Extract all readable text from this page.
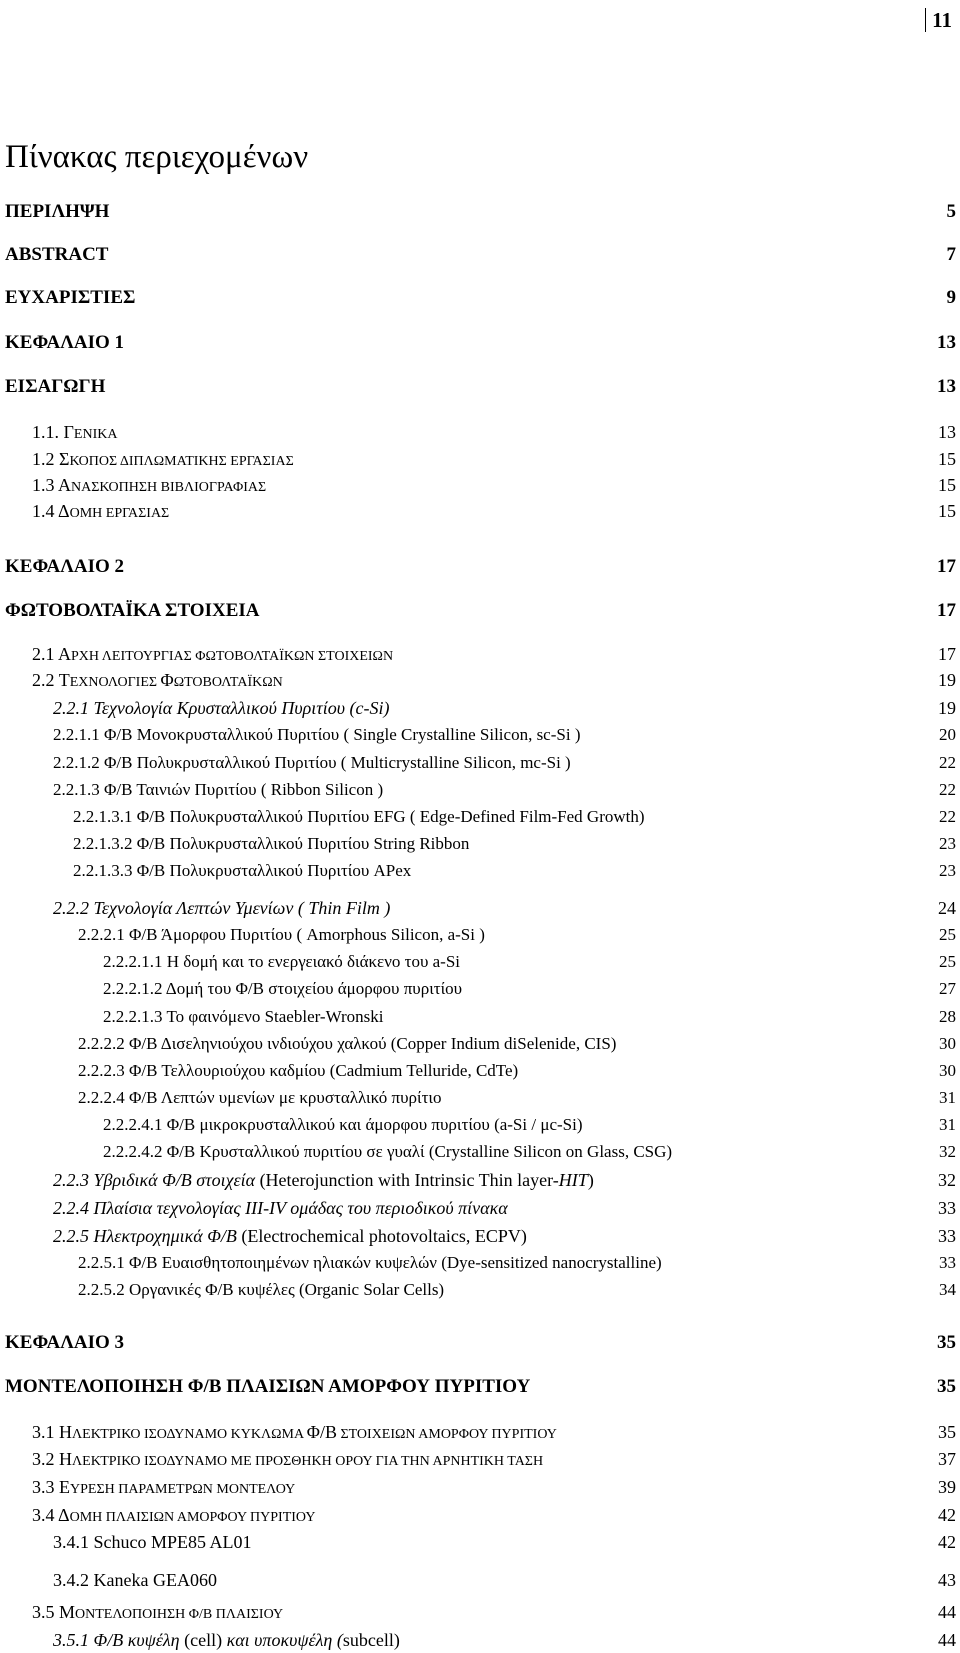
11
Πίνακας περιεχομένων
ΠΕΡΙΛΗΨΗ	5
ABSTRACT	7
ΕΥΧΑΡΙΣΤΙΕΣ	9
ΚΕΦΑΛΑΙΟ 1	13
ΕΙΣΑΓΩΓΗ	13
1.1. ΓΕΝΙΚΑ	13
1.2 ΣΚΟΠΟΣ ΔΙΠΛΩΜΑΤΙΚΗΣ ΕΡΓΑΣΙΑΣ	15
1.3 ΑΝΑΣΚΟΠΗΣΗ ΒΙΒΛΙΟΓΡΑΦΙΑΣ	15
1.4 ΔΟΜΗ ΕΡΓΑΣΙΑΣ	15
ΚΕΦΑΛΑΙΟ 2	17
ΦΩΤΟΒΟΛΤΑΪΚΑ ΣΤΟΙΧΕΙΑ	17
2.1 ΑΡΧΗ ΛΕΙΤΟΥΡΓΙΑΣ ΦΩΤΟΒΟΛΤΑΪΚΩΝ ΣΤΟΙΧΕΙΩΝ	17
2.2 ΤΕΧΝΟΛΟΓΙΕΣ ΦΩΤΟΒΟΛΤΑΪΚΩΝ	19
2.2.1 Τεχνολογία Κρυσταλλικού Πυριτίου (c-Si)	19
2.2.1.1 Φ/Β Μονοκρυσταλλικού Πυριτίου ( Single Crystalline Silicon, sc-Si )	20
2.2.1.2 Φ/Β Πολυκρυσταλλικού Πυριτίου ( Multicrystalline Silicon, mc-Si )	22
2.2.1.3 Φ/Β Ταινιών Πυριτίου ( Ribbon Silicon )	22
2.2.1.3.1 Φ/Β Πολυκρυσταλλικού Πυριτίου EFG ( Edge-Defined Film-Fed Growth)	22
2.2.1.3.2 Φ/Β Πολυκρυσταλλικού Πυριτίου String Ribbon	23
2.2.1.3.3 Φ/Β Πολυκρυσταλλικού Πυριτίου APex	23
2.2.2 Τεχνολογία Λεπτών Υμενίων ( Thin Film )	24
2.2.2.1 Φ/Β Άμορφου Πυριτίου ( Amorphous Silicon, a-Si )	25
2.2.2.1.1 Η δομή και το ενεργειακό διάκενο του a-Si	25
2.2.2.1.2 Δομή του Φ/Β στοιχείου άμορφου πυριτίου	27
2.2.2.1.3 Το φαινόμενο Staebler-Wronski	28
2.2.2.2 Φ/Β Δισεληνιούχου ινδιούχου χαλκού (Copper Indium diSelenide, CIS)	30
2.2.2.3 Φ/Β Τελλουριούχου καδμίου (Cadmium Telluride, CdTe)	30
2.2.2.4 Φ/Β Λεπτών υμενίων με κρυσταλλικό πυρίτιο	31
2.2.2.4.1 Φ/Β μικροκρυσταλλικού και άμορφου πυριτίου (a-Si / μc-Si)	31
2.2.2.4.2 Φ/Β Κρυσταλλικού πυριτίου σε γυαλί (Crystalline Silicon on Glass, CSG)	32
2.2.3 Υβριδικά Φ/Β στοιχεία (Heterojunction with Intrinsic Thin layer-HIT)	32
2.2.4 Πλαίσια τεχνολογίας III-IV ομάδας του περιοδικού πίνακα	33
2.2.5 Ηλεκτροχημικά Φ/Β (Electrochemical photovoltaics, ECPV)	33
2.2.5.1 Φ/Β Ευαισθητοποιημένων ηλιακών κυψελών (Dye-sensitized nanocrystalline)	33
2.2.5.2 Οργανικές Φ/Β κυψέλες (Organic Solar Cells)	34
ΚΕΦΑΛΑΙΟ 3	35
ΜΟΝΤΕΛΟΠΟΙΗΣΗ Φ/Β ΠΛΑΙΣΙΩΝ ΑΜΟΡΦΟΥ ΠΥΡΙΤΙΟΥ	35
3.1 ΗΛΕΚΤΡΙΚΟ ΙΣΟΔΥΝΑΜΟ ΚΥΚΛΩΜΑ Φ/Β ΣΤΟΙΧΕΙΩΝ ΑΜΟΡΦΟΥ ΠΥΡΙΤΙΟΥ	35
3.2 ΗΛΕΚΤΡΙΚΟ ΙΣΟΔΥΝΑΜΟ ΜΕ ΠΡΟΣΘΗΚΗ ΟΡΟΥ ΓΙΑ ΤΗΝ ΑΡΝΗΤΙΚΗ ΤΑΣΗ	37
3.3 ΕΥΡΕΣΗ ΠΑΡΑΜΕΤΡΩΝ ΜΟΝΤΕΛΟΥ	39
3.4 ΔΟΜΗ ΠΛΑΙΣΙΩΝ ΑΜΟΡΦΟΥ ΠΥΡΙΤΙΟΥ	42
3.4.1 Schuco MPE85 AL01	42
3.4.2 Kaneka GEA060	43
3.5 ΜΟΝΤΕΛΟΠΟΙΗΣΗ Φ/Β ΠΛΑΙΣΙΟΥ	44
3.5.1 Φ/Β κυψέλη (cell) και υποκυψέλη (subcell)	44
